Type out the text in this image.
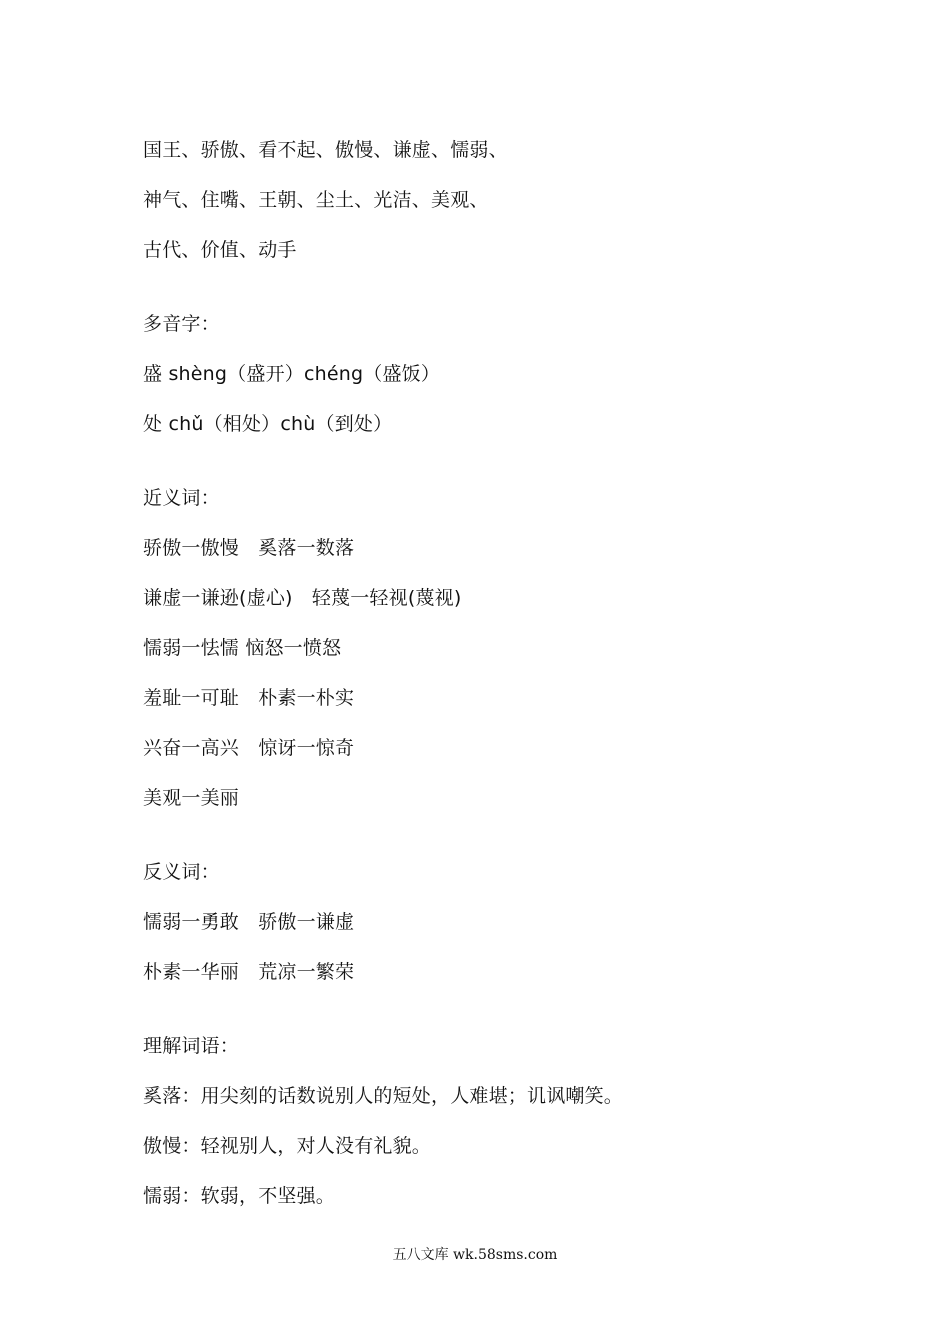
国王、骄傲、看不起、傲慢、谦虚、懦弱、
神气、住嘴、王朝、尘土、光洁、美观、
古代、价值、动手
多音字：
盛 shèng（盛开）chéng（盛饭）
处 chǔ（相处）chù（到处）
近义词：
骄傲一傲慢　奚落一数落
谦虚一谦逊(虚心)　轻蔑一轻视(蔑视)
懦弱一怯懦 恼怒一愤怒
羞耻一可耻　朴素一朴实
兴奋一高兴　惊讶一惊奇
美观一美丽
反义词：
懦弱一勇敢　骄傲一谦虚
朴素一华丽　荒凉一繁荣
理解词语：
奚落：用尖刻的话数说别人的短处，人难堪；讥讽嘲笑。
傲慢：轻视别人，对人没有礼貌。
懦弱：软弱，不坚强。
五八文库 wk.58sms.com
